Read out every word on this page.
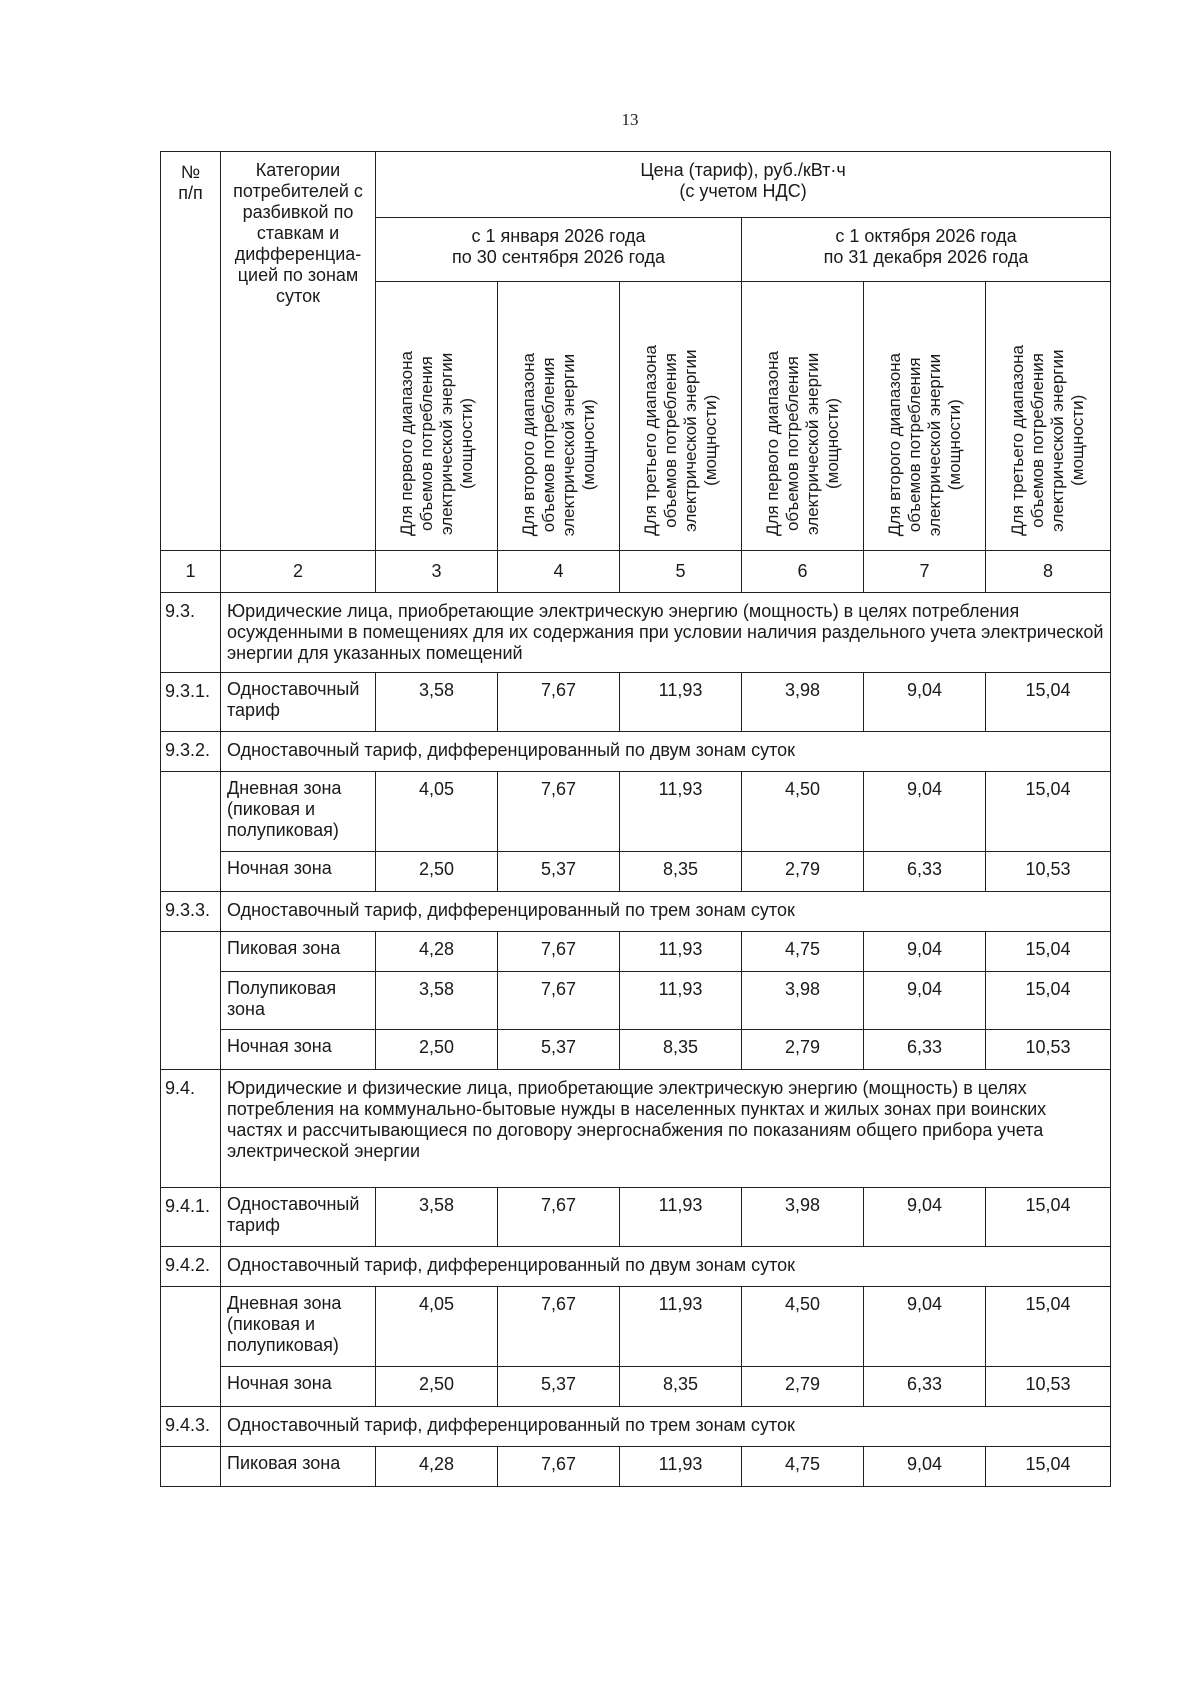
13
№
п/п	Категории потребителей с разбивкой по ставкам и дифференциа-цией по зонам суток	Цена (тариф), руб./кВт·ч
(с учетом НДС)					
		с 1 января 2026 года
по 30 сентября 2026 года			с 1 октября 2026 года
по 31 декабря 2026 года		

		Для первого диапазона
объемов потребления
электрической энергии
(мощности)	Для второго диапазона
объемов потребления
электрической энергии
(мощности)	Для третьего диапазона
объемов потребления
электрической энергии
(мощности)	Для первого диапазона
объемов потребления
электрической энергии
(мощности)	Для второго диапазона
объемов потребления
электрической энергии
(мощности)	Для третьего диапазона
объемов потребления
электрической энергии
(мощности)

1	2	3	4	5	6	7	8
9.3.	Юридические лица, приобретающие электрическую энергию (мощность) в целях потребления осужденными в помещениях для их содержания при условии наличия раздельного учета электрической энергии для указанных помещений						
9.3.1.	Одноставочный тариф	3,58	7,67	11,93	3,98	9,04	15,04
9.3.2.	Одноставочный тариф, дифференцированный по двум зонам суток						
	Дневная зона (пиковая и полупиковая)	4,05	7,67	11,93	4,50	9,04	15,04
	Ночная зона	2,50	5,37	8,35	2,79	6,33	10,53
9.3.3.	Одноставочный тариф, дифференцированный по трем зонам суток						
	Пиковая зона	4,28	7,67	11,93	4,75	9,04	15,04
	Полупиковая зона	3,58	7,67	11,93	3,98	9,04	15,04
	Ночная зона	2,50	5,37	8,35	2,79	6,33	10,53
9.4.	Юридические и физические лица, приобретающие электрическую энергию (мощность) в целях потребления на коммунально-бытовые нужды в населенных пунктах и жилых зонах при воинских частях и рассчитывающиеся по договору энергоснабжения по показаниям общего прибора учета электрической энергии						
9.4.1.	Одноставочный тариф	3,58	7,67	11,93	3,98	9,04	15,04
9.4.2.	Одноставочный тариф, дифференцированный по двум зонам суток						
	Дневная зона (пиковая и полупиковая)	4,05	7,67	11,93	4,50	9,04	15,04
	Ночная зона	2,50	5,37	8,35	2,79	6,33	10,53
9.4.3.	Одноставочный тариф, дифференцированный по трем зонам суток						
	Пиковая зона	4,28	7,67	11,93	4,75	9,04	15,04
